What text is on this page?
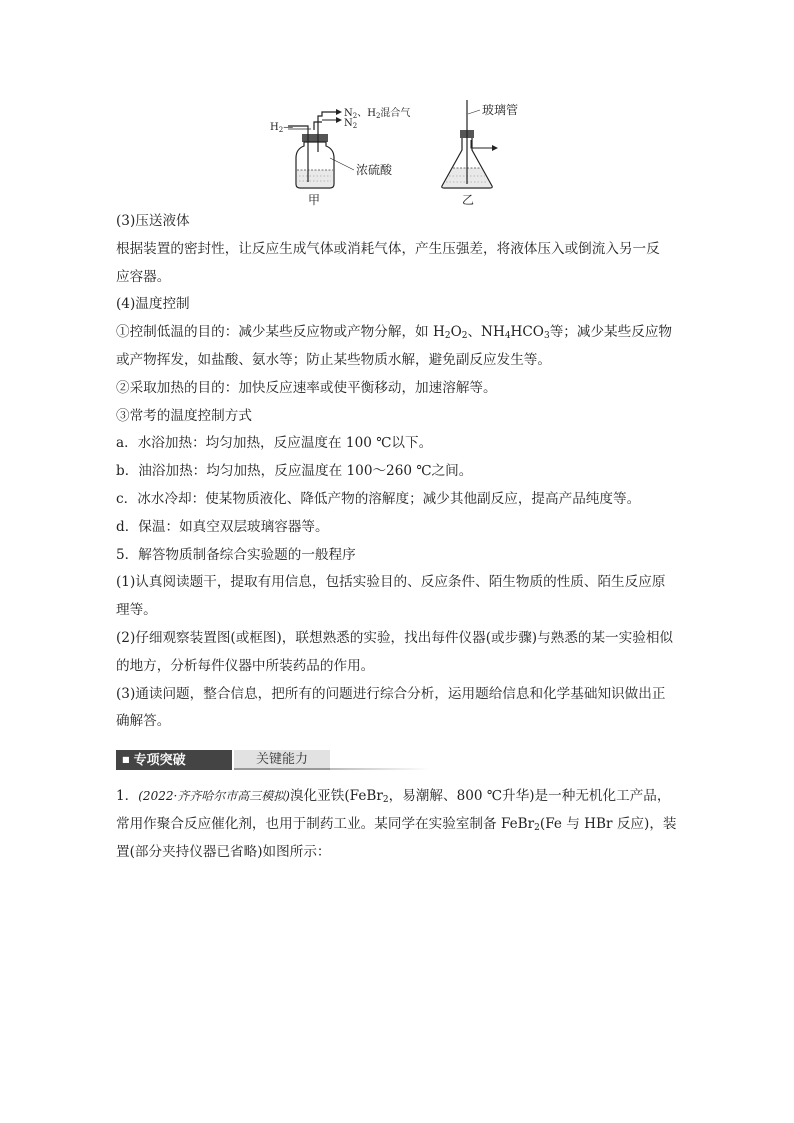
$H_2—$
$N_2$、$H_2$混合气
$N_2$
浓硫酸
甲
玻璃管
乙
(3)压送液体
根据装置的密封性，让反应生成气体或消耗气体，产生压强差，将液体压入或倒流入另一反
应容器。
(4)温度控制
①控制低温的目的：减少某些反应物或产物分解，如 $H_2O_2$、$NH_4HCO_3$等；减少某些反应物
或产物挥发，如盐酸、氨水等；防止某些物质水解，避免副反应发生等。
②采取加热的目的：加快反应速率或使平衡移动，加速溶解等。
③常考的温度控制方式
a．水浴加热：均匀加热，反应温度在 100 ℃以下。
b．油浴加热：均匀加热，反应温度在 100～260 ℃之间。
c．冰水冷却：使某物质液化、降低产物的溶解度；减少其他副反应，提高产品纯度等。
d．保温：如真空双层玻璃容器等。
5．解答物质制备综合实验题的一般程序
(1)认真阅读题干，提取有用信息，包括实验目的、反应条件、陌生物质的性质、陌生反应原
理等。
(2)仔细观察装置图(或框图)，联想熟悉的实验，找出每件仪器(或步骤)与熟悉的某一实验相似
的地方，分析每件仪器中所装药品的作用。
(3)通读问题，整合信息，把所有的问题进行综合分析，运用题给信息和化学基础知识做出正
确解答。
■ 专项突破	关键能力
1．(2022·齐齐哈尔市高三模拟)溴化亚铁(FeBr$_2$，易潮解、800 ℃升华)是一种无机化工产品，
常用作聚合反应催化剂，也用于制药工业。某同学在实验室制备 FeBr$_2$(Fe 与 HBr 反应)，装
置(部分夹持仪器已省略)如图所示：
